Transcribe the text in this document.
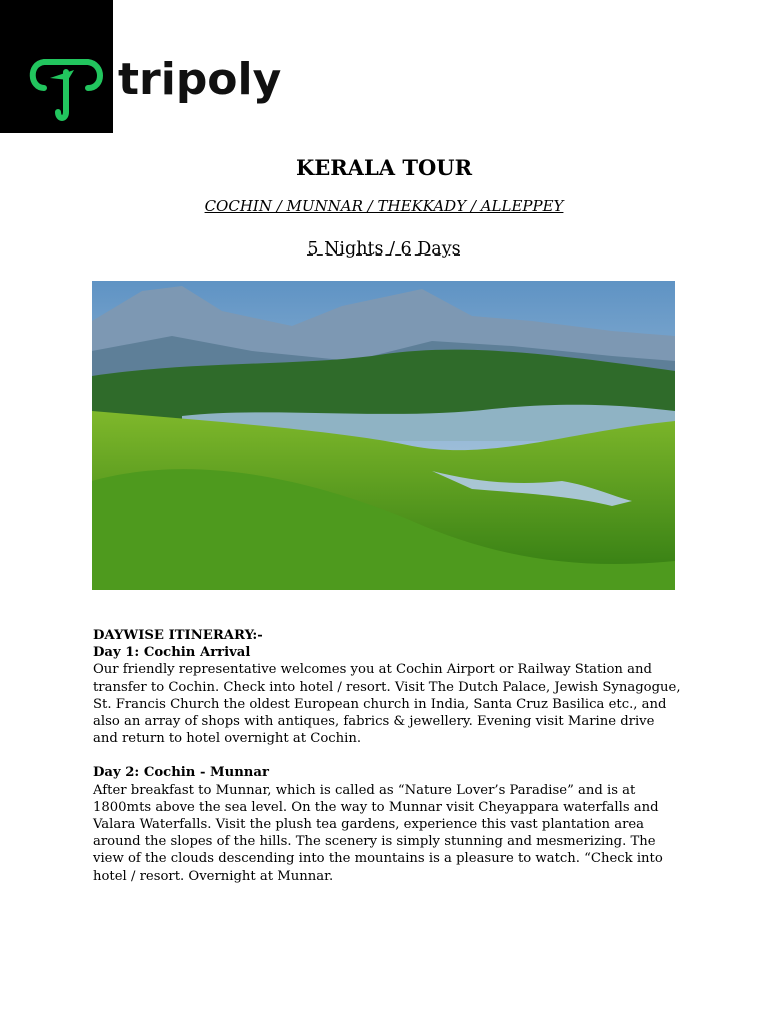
tripoly
KERALA TOUR
COCHIN / MUNNAR / THEKKADY / ALLEPPEY
5 Nights / 6 Days
DAYWISE ITINERARY:-
Day 1: Cochin Arrival

Our friendly representative welcomes you at Cochin Airport or Railway Station and transfer to Cochin. Check into hotel / resort. Visit The Dutch Palace, Jewish Synagogue, St. Francis Church the oldest European church in India, Santa Cruz Basilica etc., and also an array of shops with antiques, fabrics & jewellery. Evening visit Marine drive and return to hotel overnight at Cochin.

Day 2: Cochin - Munnar

After breakfast to Munnar, which is called as “Nature Lover’s Paradise” and is at 1800mts above the sea level. On the way to Munnar visit Cheyappara waterfalls and Valara Waterfalls. Visit the plush tea gardens, experience this vast plantation area around the slopes of the hills. The scenery is simply stunning and mesmerizing. The view of the clouds descending into the mountains is a pleasure to watch. “Check into hotel / resort. Overnight at Munnar.
